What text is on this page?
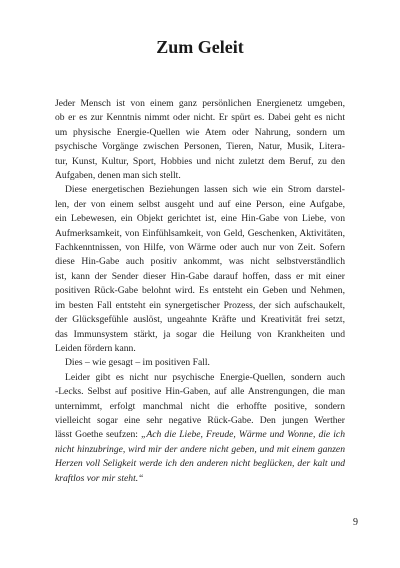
Zum Geleit
Jeder Mensch ist von einem ganz persönlichen Energienetz umgeben,
ob er es zur Kenntnis nimmt oder nicht. Er spürt es. Dabei geht es nicht
um physische Energie-Quellen wie Atem oder Nahrung, sondern um
psychische Vorgänge zwischen Personen, Tieren, Natur, Musik, Litera-
tur, Kunst, Kultur, Sport, Hobbies und nicht zuletzt dem Beruf, zu den
Aufgaben, denen man sich stellt.
Diese energetischen Beziehungen lassen sich wie ein Strom darstel-
len, der von einem selbst ausgeht und auf eine Person, eine Aufgabe,
ein Lebewesen, ein Objekt gerichtet ist, eine Hin-Gabe von Liebe, von
Aufmerksamkeit, von Einfühlsamkeit, von Geld, Geschenken, Aktivitäten,
Fachkenntnissen, von Hilfe, von Wärme oder auch nur von Zeit. Sofern
diese Hin-Gabe auch positiv ankommt, was nicht selbstverständlich
ist, kann der Sender dieser Hin-Gabe darauf hoffen, dass er mit einer
positiven Rück-Gabe belohnt wird. Es entsteht ein Geben und Nehmen,
im besten Fall entsteht ein synergetischer Prozess, der sich aufschaukelt,
der Glücksgefühle auslöst, ungeahnte Kräfte und Kreativität frei setzt,
das Immunsystem stärkt, ja sogar die Heilung von Krankheiten und
Leiden fördern kann.
Dies – wie gesagt – im positiven Fall.
Leider gibt es nicht nur psychische Energie-Quellen, sondern auch
-Lecks. Selbst auf positive Hin-Gaben, auf alle Anstrengungen, die man
unternimmt, erfolgt manchmal nicht die erhoffte positive, sondern
vielleicht sogar eine sehr negative Rück-Gabe. Den jungen Werther
lässt Goethe seufzen: „Ach die Liebe, Freude, Wärme und Wonne, die ich
nicht hinzubringe, wird mir der andere nicht geben, und mit einem ganzen
Herzen voll Seligkeit werde ich den anderen nicht beglücken, der kalt und
kraftlos vor mir steht.“
9
